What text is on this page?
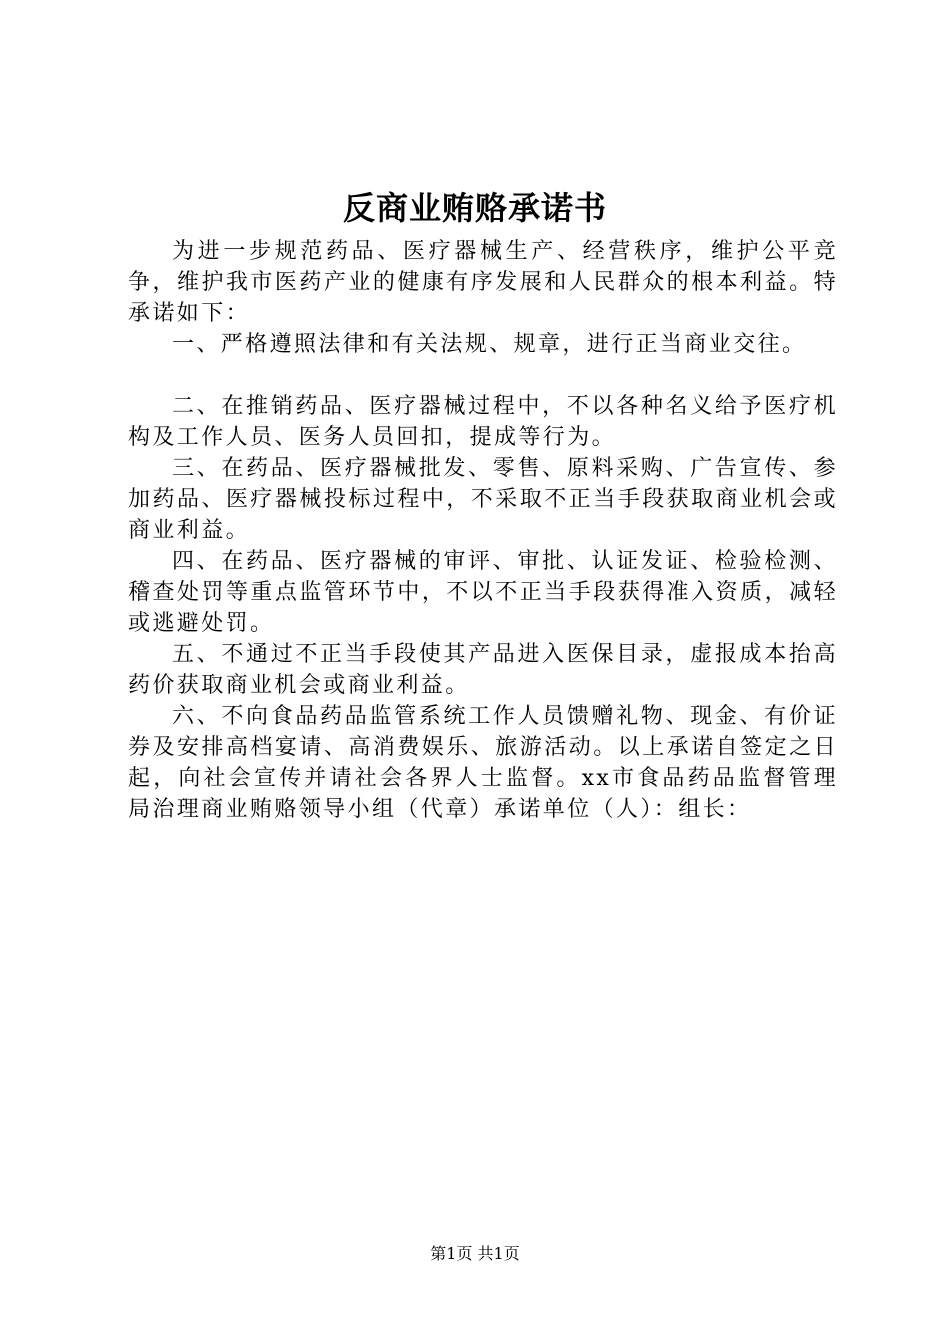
反商业贿赂承诺书

为进一步规范药品、医疗器械生产、经营秩序，维护公平竞争，维护我市医药产业的健康有序发展和人民群众的根本利益。特承诺如下：

一、严格遵照法律和有关法规、规章，进行正当商业交往。

二、在推销药品、医疗器械过程中，不以各种名义给予医疗机构及工作人员、医务人员回扣，提成等行为。

三、在药品、医疗器械批发、零售、原料采购、广告宣传、参加药品、医疗器械投标过程中，不采取不正当手段获取商业机会或商业利益。

四、在药品、医疗器械的审评、审批、认证发证、检验检测、稽查处罚等重点监管环节中，不以不正当手段获得准入资质，减轻或逃避处罚。

五、不通过不正当手段使其产品进入医保目录，虚报成本抬高药价获取商业机会或商业利益。

六、不向食品药品监管系统工作人员馈赠礼物、现金、有价证券及安排高档宴请、高消费娱乐、旅游活动。以上承诺自签定之日起，向社会宣传并请社会各界人士监督。xx市食品药品监督管理局治理商业贿赂领导小组（代章）承诺单位（人）：组长：

第1页 共1页
